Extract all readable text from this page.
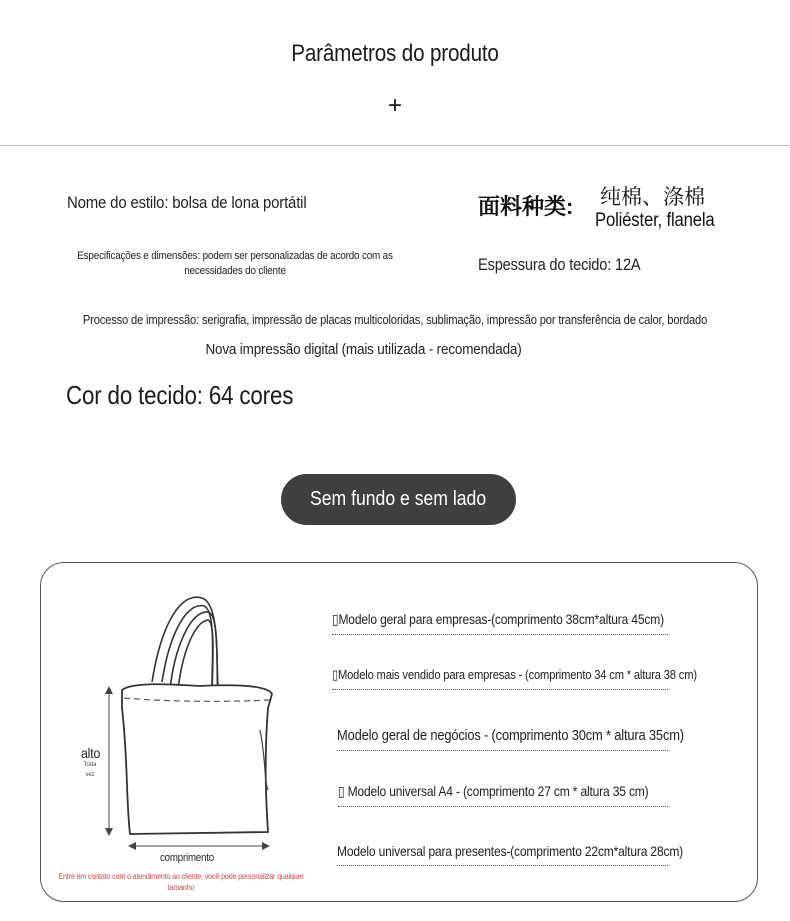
Parâmetros do produto
+
Nome do estilo: bolsa de lona portátil	面料种类: 纯棉、涤棉
Poliéster, flanela
Especificações e dimensões: podem ser personalizadas de acordo com as necessidades do cliente	Espessura do tecido: 12A
Processo de impressão: serigrafia, impressão de placas multicoloridas, sublimação, impressão por transferência de calor, bordado
Nova impressão digital (mais utilizada - recomendada)
Cor do tecido: 64 cores
Sem fundo e sem lado
alto
Toda vez
comprimento
Entre em contato com o atendimento ao cliente, você pode personalizar qualquer tamanho
▯Modelo geral para empresas-(comprimento 38cm*altura 45cm)
▯Modelo mais vendido para empresas - (comprimento 34 cm * altura 38 cm)
Modelo geral de negócios - (comprimento 30cm * altura 35cm)
▯ Modelo universal A4 - (comprimento 27 cm * altura 35 cm)
Modelo universal para presentes-(comprimento 22cm*altura 28cm)
